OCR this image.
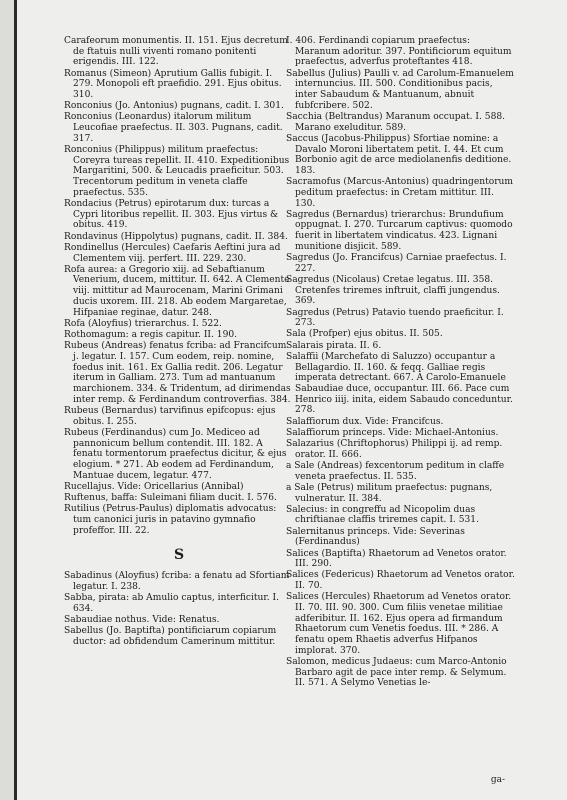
Carafeorum monumentis. II. 151. Ejus decretum de ftatuis nulli viventi romano ponitenti erigendis. III. 122.
Romanus (Simeon) Aprutium Gallis fubigit. I. 279. Monopoli eft praefidio. 291. Ejus obitus. 310.
Ronconius (Jo. Antonius) pugnans, cadit. I. 301.
Ronconius (Leonardus) italorum militum Leucofiae praefectus. II. 303. Pugnans, cadit. 317.
Ronconius (Philippus) militum praefectus: Coreyra tureas repellit. II. 410. Expeditionibus Margaritini, 500. & Leucadis praeficitur. 503. Trecentorum peditum in veneta claffe praefectus. 535.
Rondacius (Petrus) epirotarum dux: turcas a Cypri litoribus repellit. II. 303. Ejus virtus & obitus. 419.
Rondavinus (Hippolytus) pugnans, cadit. II. 384.
Rondinellus (Hercules) Caefaris Aeftini jura ad Clementem viij. perfert. III. 229. 230.
Rofa aurea: a Gregorio xiij. ad Sebaftianum Venerium, ducem, mittitur. II. 642. A Clemente viij. mittitur ad Maurocenam, Marini Grimani ducis uxorem. III. 218. Ab eodem Margaretae, Hifpaniae reginae, datur. 248.
Rofa (Aloyfius) trierarchus. I. 522.
Rothomagum: a regis capitur. II. 190.
Rubeus (Andreas) fenatus fcriba: ad Francifcum j. legatur. I. 157. Cum eodem, reip. nomine, foedus init. 161. Ex Gallia redit. 206. Legatur iterum in Galliam. 273. Tum ad mantuanum marchionem. 334. & Tridentum, ad dirimendas inter remp. & Ferdinandum controverfias. 384.
Rubeus (Bernardus) tarvifinus epifcopus: ejus obitus. I. 255.
Rubeus (Ferdinandus) cum Jo. Mediceo ad pannonicum bellum contendit. III. 182. A fenatu tormentorum praefectus dicitur, & ejus elogium. * 271. Ab eodem ad Ferdinandum, Mantuae ducem, legatur. 477.
Rucellajus. Vide: Oricellarius (Annibal)
Ruftenus, baffa: Suleimani filiam ducit. I. 576.
Rutilius (Petrus-Paulus) diplomatis advocatus: tum canonici juris in patavino gymnafio profeffor. III. 22.
S
Sabadinus (Aloyfius) fcriba: a fenatu ad Sfortiam legatur. I. 238.
Sabba, pirata: ab Amulio captus, interficitur. I. 634.
Sabaudiae nothus. Vide: Renatus.
Sabellus (Jo. Baptifta) pontificiarum copiarum ductor: ad obfidendum Camerinum mittitur.
I. 406. Ferdinandi copiarum praefectus: Maranum adoritur. 397. Pontificiorum equitum praefectus, adverfus proteftantes 418.
Sabellus (Julius) Paulli v. ad Carolum-Emanuelem internuncius. III. 500. Conditionibus pacis, inter Sabaudum & Mantuanum, abnuit fubfcribere. 502.
Sacchia (Beltrandus) Maranum occupat. I. 588. Marano exeluditur. 589.
Saccus (Jacobus-Philippus) Sfortiae nomine: a Davalo Moroni libertatem petit. I. 44. Et cum Borbonio agit de arce mediolanenfis deditione. 183.
Sacramofus (Marcus-Antonius) quadringentorum peditum praefectus: in Cretam mittitur. III. 130.
Sagredus (Bernardus) trierarchus: Brundufium oppugnat. I. 270. Turcarum captivus: quomodo fuerit in libertatem vindicatus. 423. Lignani munitione disjicit. 589.
Sagredus (Jo. Francifcus) Carniae praefectus. I. 227.
Sagredus (Nicolaus) Cretae legatus. III. 358. Cretenfes triremes inftruit, claffi jungendus. 369.
Sagredus (Petrus) Patavio tuendo praeficitur. I. 273.
Sala (Profper) ejus obitus. II. 505.
Salarais pirata. II. 6.
Salaffii (Marchefato di Saluzzo) occupantur a Bellagardio. II. 160. & feqq. Galliae regis imperata detrectant. 667. A Carolo-Emanuele Sabaudiae duce, occupantur. III. 66. Pace cum Henrico iiij. inita, eidem Sabaudo conceduntur. 278.
Salaffiorum dux. Vide: Francifcus.
Salaffiorum princeps. Vide: Michael-Antonius.
Salazarius (Chriftophorus) Philippi ij. ad remp. orator. II. 666.
a Sale (Andreas) fexcentorum peditum in claffe veneta praefectus. II. 535.
a Sale (Petrus) militum praefectus: pugnans, vulneratur. II. 384.
Salecius: in congreffu ad Nicopolim duas chriftianae claffis triremes capit. I. 531.
Salernitanus princeps. Vide: Severinas (Ferdinandus)
Salices (Baptifta) Rhaetorum ad Venetos orator. III. 290.
Salices (Federicus) Rhaetorum ad Venetos orator. II. 70.
Salices (Hercules) Rhaetorum ad Venetos orator. II. 70. III. 90. 300. Cum filiis venetae militiae adferibitur. II. 162. Ejus opera ad firmandum Rhaetorum cum Venetis foedus. III. * 286. A fenatu opem Rhaetis adverfus Hifpanos implorat. 370.
Salomon, medicus Judaeus: cum Marco-Antonio Barbaro agit de pace inter remp. & Selymum. II. 571. A Selymo Venetias le-
ga-
